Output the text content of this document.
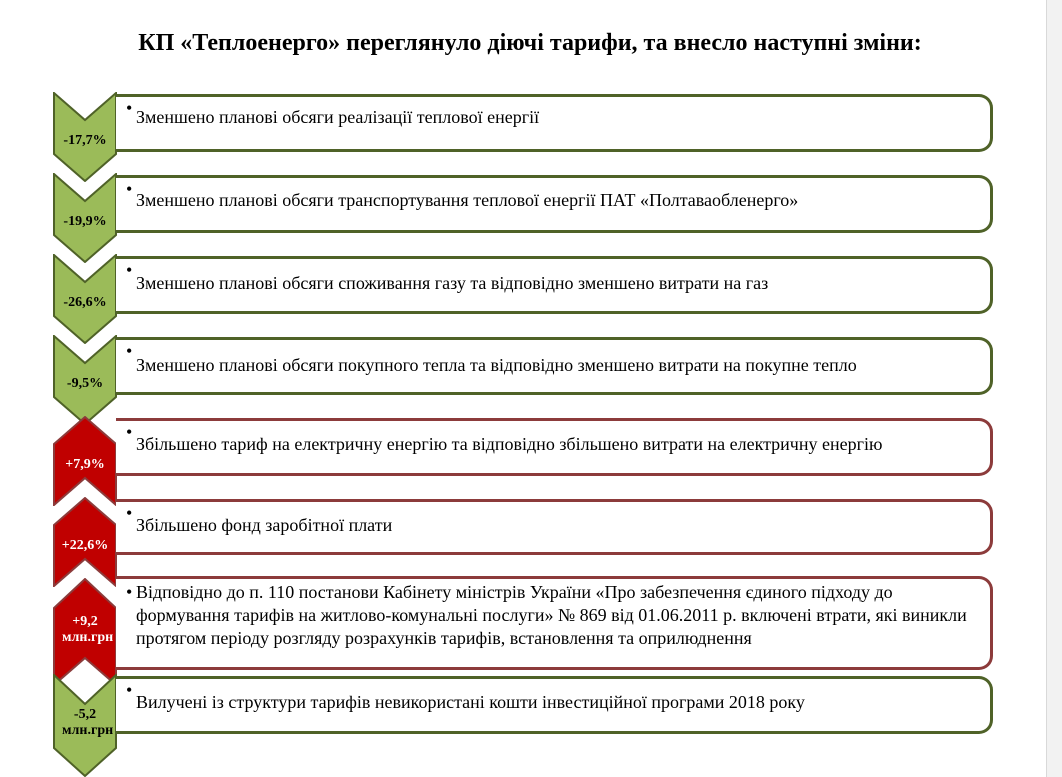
КП «Теплоенерго» переглянуло діючі тарифи, та внесло наступні зміни:
-17,7%
• Зменшено планові обсяги реалізації теплової енергії
-19,9%
•
Зменшено планові обсяги транспортування теплової енергії ПАТ «Полтаваобленерго»
-26,6%
•
Зменшено планові обсяги споживання газу та відповідно зменшено витрати на газ
-9,5%
•
Зменшено планові обсяги покупного тепла та відповідно зменшено витрати на покупне тепло
+7,9%
•
Збільшено тариф на електричну енергію та відповідно збільшено витрати на електричну енергію
+22,6%
•
Збільшено фонд заробітної плати
+9,2 млн.грн
• Відповідно до п. 110 постанови Кабінету міністрів України «Про забезпечення єдиного підходу до формування тарифів на житлово-комунальні послуги» № 869 від 01.06.2011 р. включені втрати, які виникли протягом періоду розгляду розрахунків тарифів, встановлення та оприлюднення
-5,2 млн.грн
•
Вилучені із структури тарифів невикористані кошти інвестиційної програми 2018 року
